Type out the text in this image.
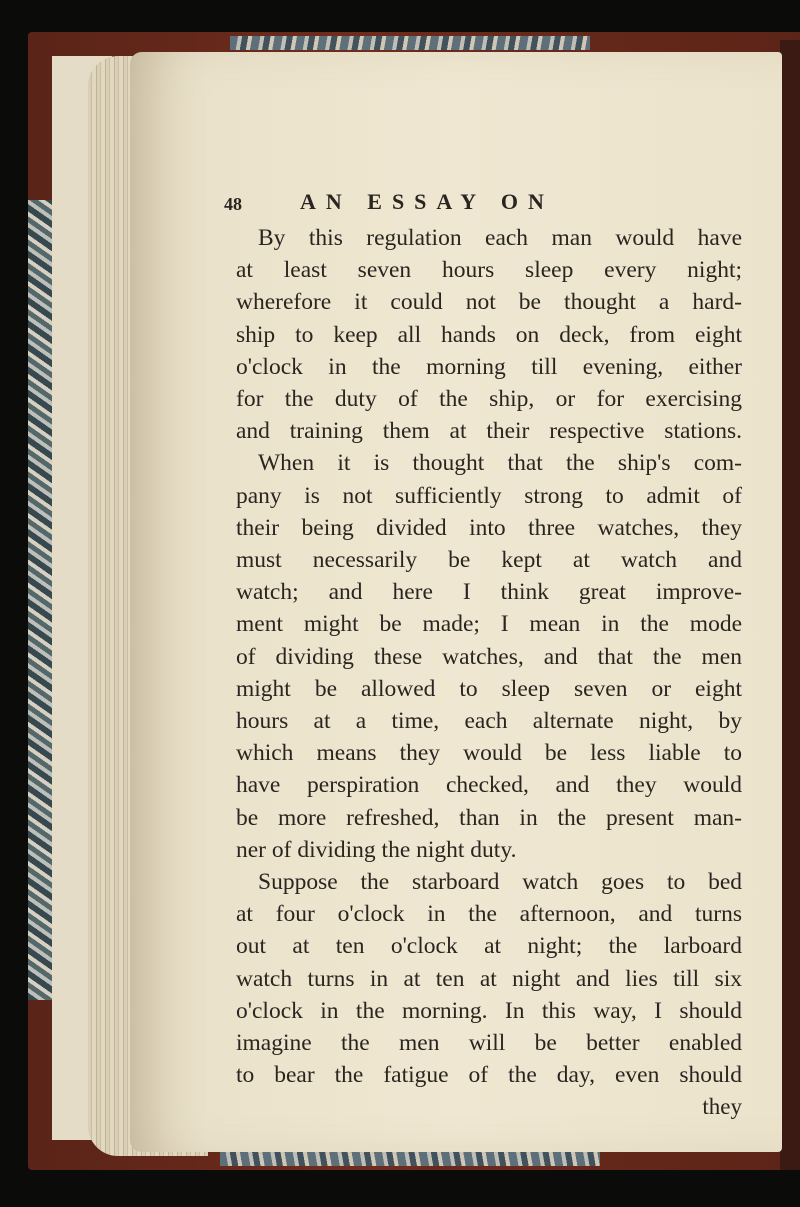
48	AN ESSAY ON
By this regulation each man would have
at least seven hours sleep every night;
wherefore it could not be thought a hard-
ship to keep all hands on deck, from eight
o'clock in the morning till evening, either
for the duty of the ship, or for exercising
and training them at their respective stations.
When it is thought that the ship's com-
pany is not sufficiently strong to admit of
their being divided into three watches, they
must necessarily be kept at watch and
watch; and here I think great improve-
ment might be made; I mean in the mode
of dividing these watches, and that the men
might be allowed to sleep seven or eight
hours at a time, each alternate night, by
which means they would be less liable to
have perspiration checked, and they would
be more refreshed, than in the present man-
ner of dividing the night duty.
Suppose the starboard watch goes to bed
at four o'clock in the afternoon, and turns
out at ten o'clock at night; the larboard
watch turns in at ten at night and lies till six
o'clock in the morning. In this way, I should
imagine the men will be better enabled
to bear the fatigue of the day, even should
they
